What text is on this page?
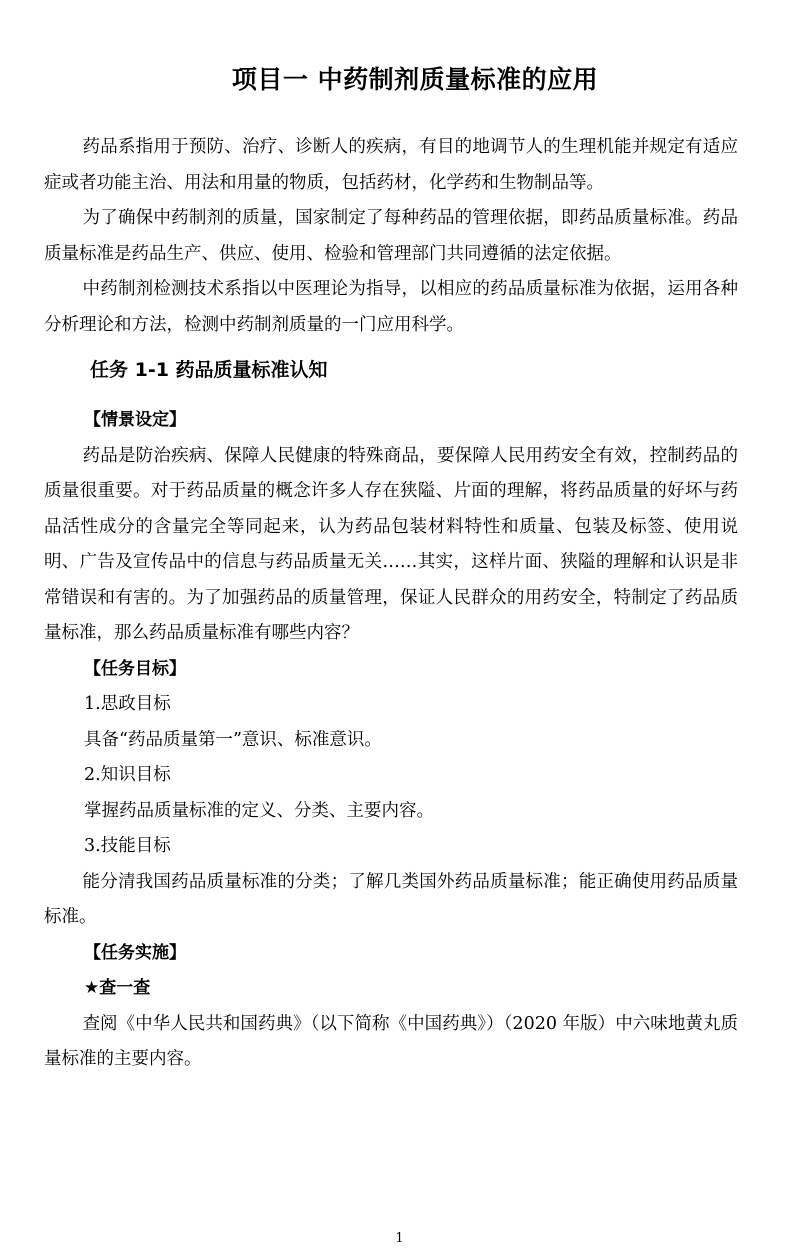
项目一 中药制剂质量标准的应用

药品系指用于预防、治疗、诊断人的疾病，有目的地调节人的生理机能并规定有适应症或者功能主治、用法和用量的物质，包括药材，化学药和生物制品等。

为了确保中药制剂的质量，国家制定了每种药品的管理依据，即药品质量标准。药品质量标准是药品生产、供应、使用、检验和管理部门共同遵循的法定依据。

中药制剂检测技术系指以中医理论为指导，以相应的药品质量标准为依据，运用各种分析理论和方法，检测中药制剂质量的一门应用科学。

任务 1-1 药品质量标准认知
【情景设定】

药品是防治疾病、保障人民健康的特殊商品，要保障人民用药安全有效，控制药品的质量很重要。对于药品质量的概念许多人存在狭隘、片面的理解，将药品质量的好坏与药品活性成分的含量完全等同起来，认为药品包装材料特性和质量、包装及标签、使用说明、广告及宣传品中的信息与药品质量无关……其实，这样片面、狭隘的理解和认识是非常错误和有害的。为了加强药品的质量管理，保证人民群众的用药安全，特制定了药品质量标准，那么药品质量标准有哪些内容？

【任务目标】
1.思政目标
具备“药品质量第一”意识、标准意识。
2.知识目标
掌握药品质量标准的定义、分类、主要内容。
3.技能目标

能分清我国药品质量标准的分类；了解几类国外药品质量标准；能正确使用药品质量标准。

【任务实施】
★查一查

查阅《中华人民共和国药典》（以下简称《中国药典》）（2020 年版）中六味地黄丸质量标准的主要内容。

1
